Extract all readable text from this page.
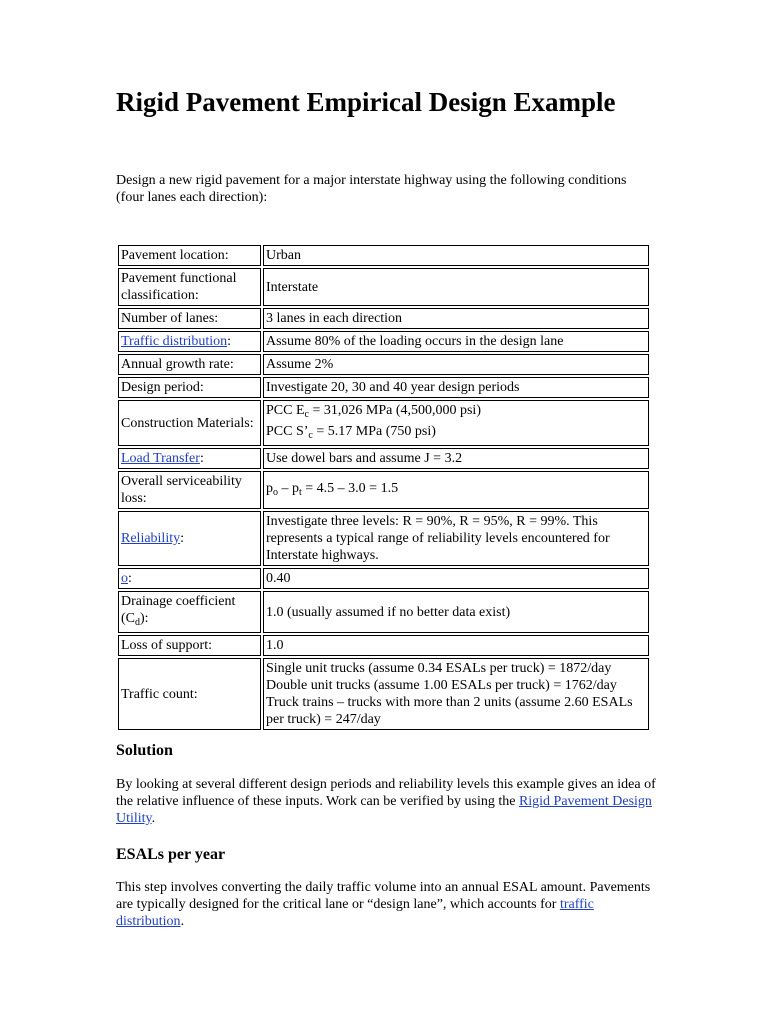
Rigid Pavement Empirical Design Example

Design a new rigid pavement for a major interstate highway using the following conditions (four lanes each direction):

Pavement location:	Urban
Pavement functional classification:	Interstate
Number of lanes:	3 lanes in each direction
Traffic distribution:	Assume 80% of the loading occurs in the design lane
Annual growth rate:	Assume 2%
Design period:	Investigate 20, 30 and 40 year design periods
Construction Materials:	PCC $E_c = 31,026$ MPa (4,500,000 psi)
PCC $S’_c = 5.17$ MPa (750 psi)

Load Transfer:	Use dowel bars and assume J = 3.2
Overall serviceability loss:	$p_o - p_t = 4.5 - 3.0 = 1.5$
Reliability:	Investigate three levels: R = 90%, R = 95%, R = 99%. This represents a typical range of reliability levels encountered for Interstate highways.
o:	0.40
Drainage coefficient $(C_d)$:	1.0 (usually assumed if no better data exist)
Loss of support:	1.0
Traffic count:	Single unit trucks (assume 0.34 ESALs per truck) = 1872/day
Double unit trucks (assume 1.00 ESALs per truck) = 1762/day
Truck trains – trucks with more than 2 units (assume 2.60 ESALs per truck) = 247/day
Solution

By looking at several different design periods and reliability levels this example gives an idea of the relative influence of these inputs. Work can be verified by using the Rigid Pavement Design Utility.

ESALs per year

This step involves converting the daily traffic volume into an annual ESAL amount. Pavements are typically designed for the critical lane or “design lane”, which accounts for traffic distribution.
